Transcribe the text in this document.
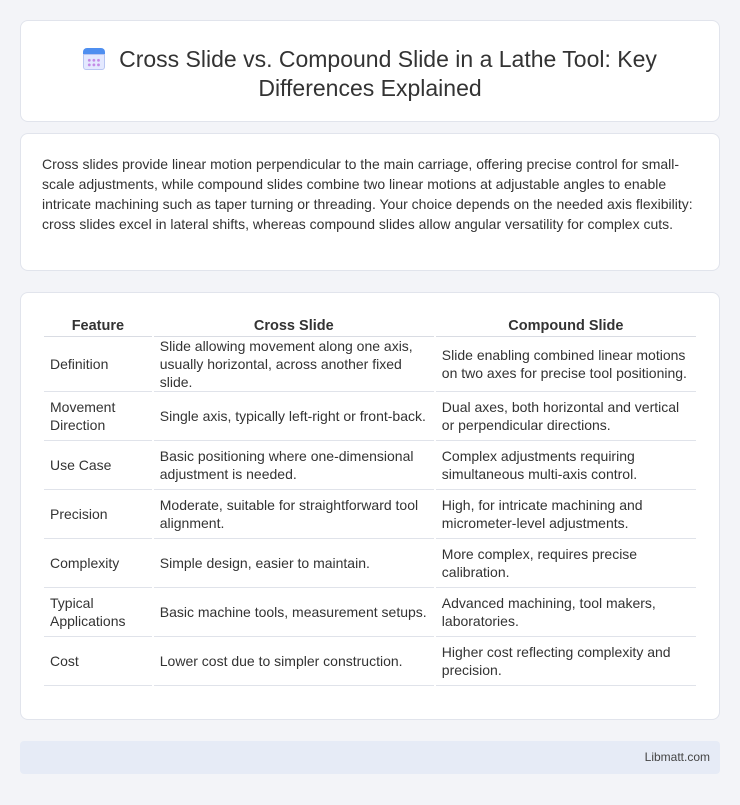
Cross Slide vs. Compound Slide in a Lathe Tool: Key Differences Explained

Cross slides provide linear motion perpendicular to the main carriage, offering precise control for small-scale adjustments, while compound slides combine two linear motions at adjustable angles to enable intricate machining such as taper turning or threading. Your choice depends on the needed axis flexibility: cross slides excel in lateral shifts, whereas compound slides allow angular versatility for complex cuts.

Feature	Cross Slide	Compound Slide
Definition	Slide allowing movement along one axis, usually horizontal, across another fixed slide.	Slide enabling combined linear motions on two axes for precise tool positioning.
Movement Direction	Single axis, typically left-right or front-back.	Dual axes, both horizontal and vertical or perpendicular directions.
Use Case	Basic positioning where one-dimensional adjustment is needed.	Complex adjustments requiring simultaneous multi-axis control.
Precision	Moderate, suitable for straightforward tool alignment.	High, for intricate machining and micrometer-level adjustments.
Complexity	Simple design, easier to maintain.	More complex, requires precise calibration.
Typical Applications	Basic machine tools, measurement setups.	Advanced machining, tool makers, laboratories.
Cost	Lower cost due to simpler construction.	Higher cost reflecting complexity and precision.
Libmatt.com
